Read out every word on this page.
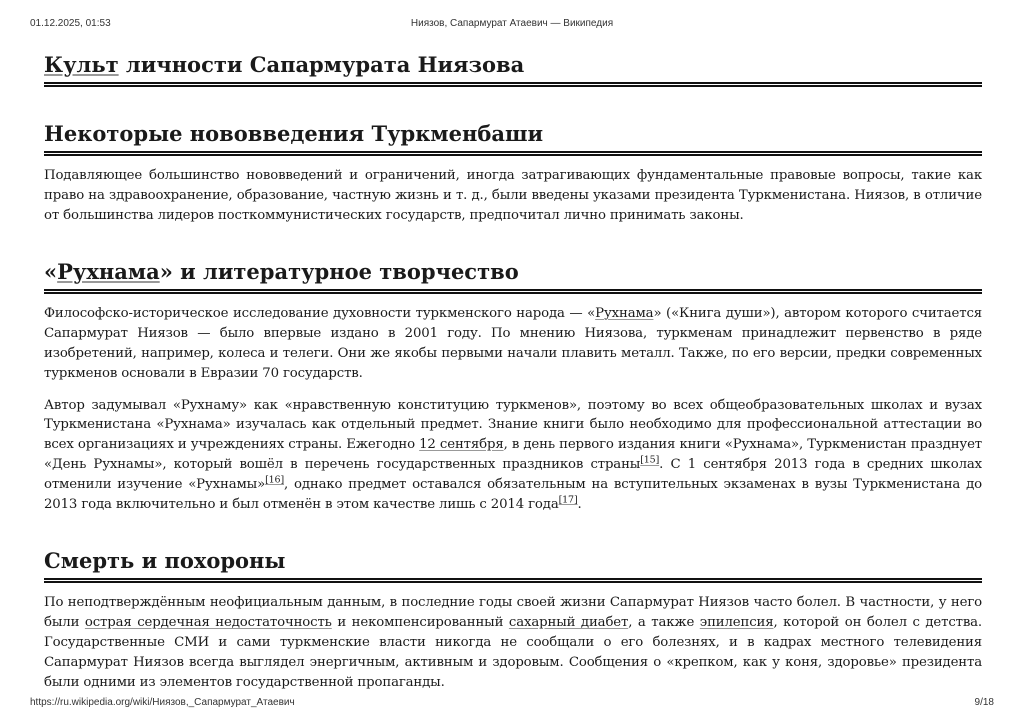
01.12.2025, 01:53	Ниязов, Сапармурат Атаевич — Википедия
Культ личности Сапармурата Ниязова
Некоторые нововведения Туркменбаши

Подавляющее большинство нововведений и ограничений, иногда затрагивающих фундаментальные правовые вопросы, такие как право на здравоохранение, образование, частную жизнь и т. д., были введены указами президента Туркменистана. Ниязов, в отличие от большинства лидеров посткоммунистических государств, предпочитал лично принимать законы.

«Рухнама» и литературное творчество

Философско-историческое исследование духовности туркменского народа — «Рухнама» («Книга души»), автором которого считается Сапармурат Ниязов — было впервые издано в 2001 году. По мнению Ниязова, туркменам принадлежит первенство в ряде изобретений, например, колеса и телеги. Они же якобы первыми начали плавить металл. Также, по его версии, предки современных туркменов основали в Евразии 70 государств.

Автор задумывал «Рухнаму» как «нравственную конституцию туркменов», поэтому во всех общеобразовательных школах и вузах Туркменистана «Рухнама» изучалась как отдельный предмет. Знание книги было необходимо для профессиональной аттестации во всех организациях и учреждениях страны. Ежегодно 12 сентября, в день первого издания книги «Рухнама», Туркменистан празднует «День Рухнамы», который вошёл в перечень государственных праздников страны[15]. С 1 сентября 2013 года в средних школах отменили изучение «Рухнамы»[16], однако предмет оставался обязательным на вступительных экзаменах в вузы Туркменистана до 2013 года включительно и был отменён в этом качестве лишь с 2014 года[17].

Смерть и похороны

По неподтверждённым неофициальным данным, в последние годы своей жизни Сапармурат Ниязов часто болел. В частности, у него были острая сердечная недостаточность и некомпенсированный сахарный диабет, а также эпилепсия, которой он болел с детства. Государственные СМИ и сами туркменские власти никогда не сообщали о его болезнях, и в кадрах местного телевидения Сапармурат Ниязов всегда выглядел энергичным, активным и здоровым. Сообщения о «крепком, как у коня, здоровье» президента были одними из элементов государственной пропаганды.

https://ru.wikipedia.org/wiki/Ниязов,_Сапармурат_Атаевич	9/18
